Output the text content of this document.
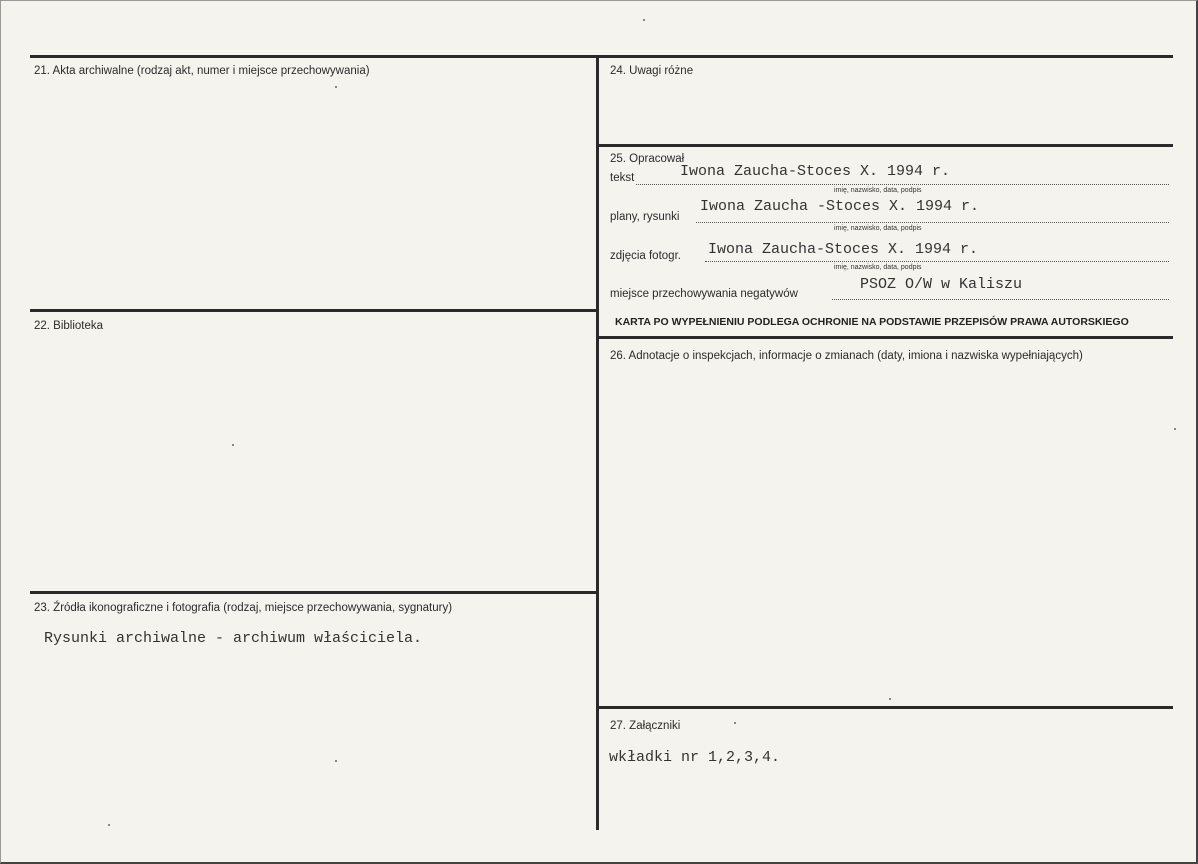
21. Akta archiwalne (rodzaj akt, numer i miejsce przechowywania)
22. Biblioteka
23. Źródła ikonograficzne i fotografia (rodzaj, miejsce przechowywania, sygnatury)
Rysunki archiwalne - archiwum właściciela.
24. Uwagi różne
25. Opracował
tekst	Iwona Zaucha-Stoces X. 1994 r.
imię, nazwisko, data, podpis
plany, rysunki
Iwona Zaucha -Stoces X. 1994 r.
imię, nazwisko, data, podpis
zdjęcia fotogr. Iwona Zaucha-Stoces X. 1994 r.
imię, nazwisko, data, podpis
miejsce przechowywania negatywów
PSOZ O/W w Kaliszu
KARTA PO WYPEŁNIENIU PODLEGA OCHRONIE NA PODSTAWIE PRZEPISÓW PRAWA AUTORSKIEGO
26. Adnotacje o inspekcjach, informacje o zmianach (daty, imiona i nazwiska wypełniających)
27. Załączniki
wkładki nr 1,2,3,4.
